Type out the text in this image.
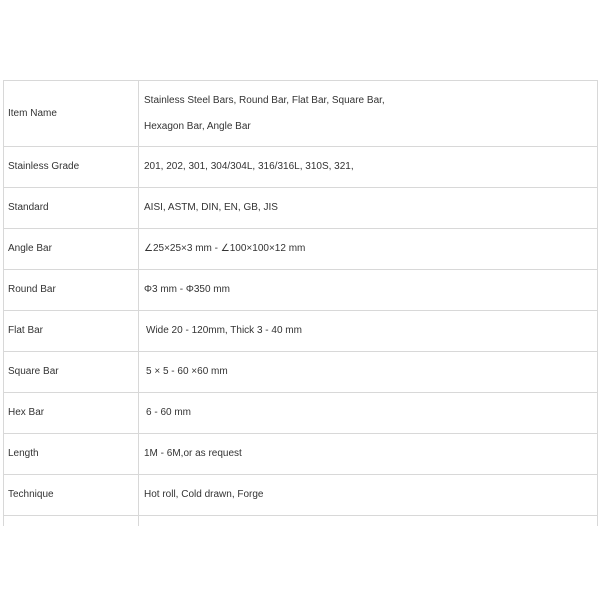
Item Name	Stainless Steel Bars, Round Bar, Flat Bar, Square Bar,
Hexagon Bar, Angle Bar

Stainless Grade	201, 202, 301, 304/304L, 316/316L, 310S, 321,
Standard	AISI, ASTM, DIN, EN, GB, JIS
Angle Bar	∠25×25×3 mm - ∠100×100×12 mm
Round Bar	Φ3 mm - Φ350 mm
Flat Bar	Wide 20 - 120mm, Thick 3 - 40 mm
Square Bar	5 × 5 - 60 ×60 mm
Hex Bar	6 - 60 mm
Length	1M - 6M,or as request
Technique	Hot roll, Cold drawn, Forge
